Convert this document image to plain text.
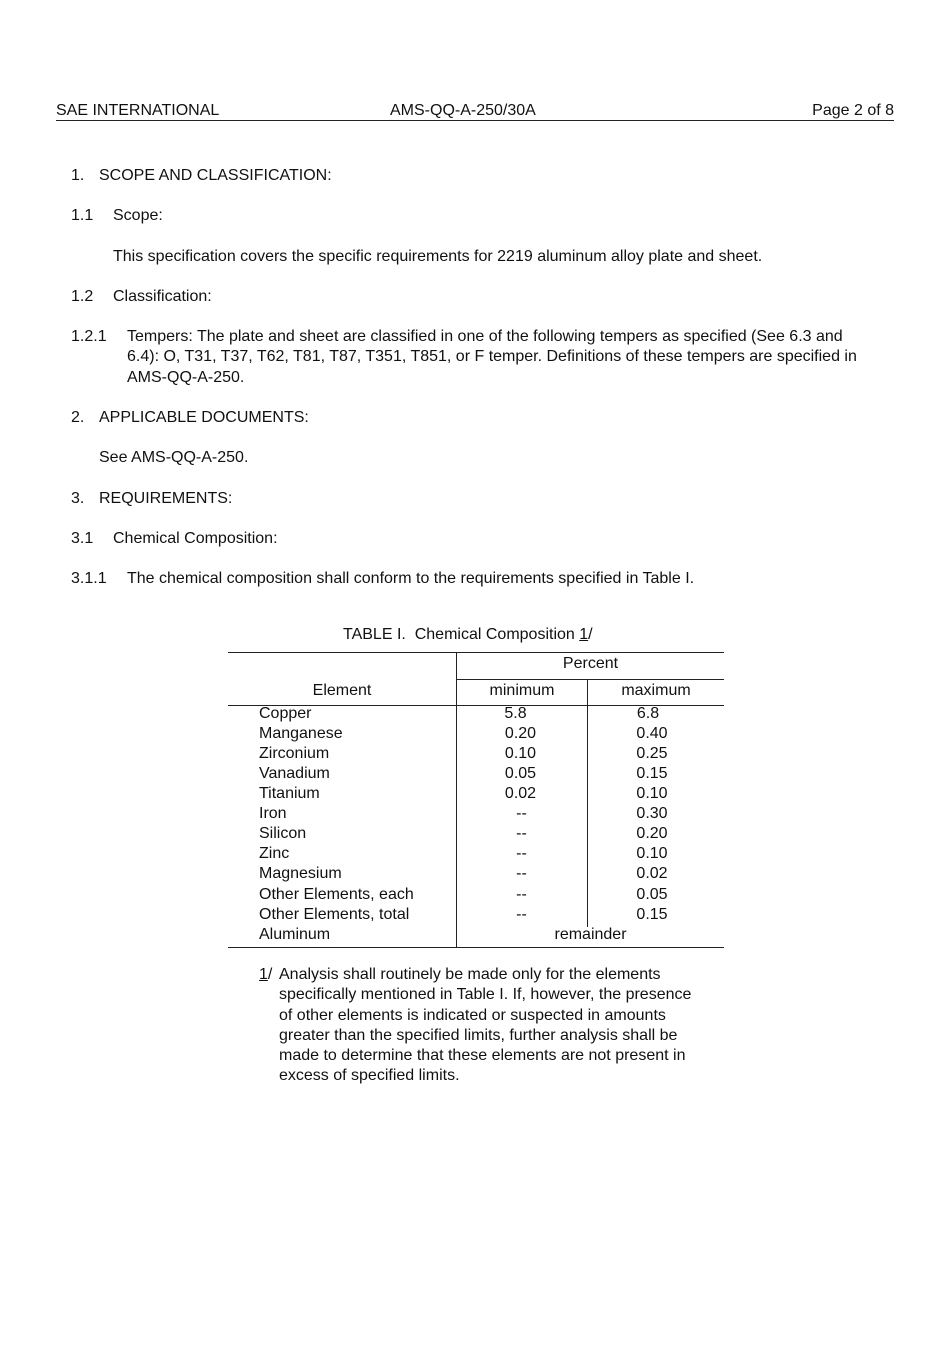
SAE INTERNATIONAL	AMS-QQ-A-250/30A	Page 2 of 8
1. SCOPE AND CLASSIFICATION:
1.1 Scope:
This specification covers the specific requirements for 2219 aluminum alloy plate and sheet.
1.2 Classification:
1.2.1 Tempers: The plate and sheet are classified in one of the following tempers as specified (See 6.3 and 6.4): O, T31, T37, T62, T81, T87, T351, T851, or F temper. Definitions of these tempers are specified in AMS-QQ-A-250.
2. APPLICABLE DOCUMENTS:
See AMS-QQ-A-250.
3. REQUIREMENTS:
3.1 Chemical Composition:
3.1.1 The chemical composition shall conform to the requirements specified in Table I.
TABLE I.  Chemical Composition 1/
Percent
Element	minimum	maximum
Copper	5.8	6.8
Manganese	0.20	0.40
Zirconium	0.10	0.25
Vanadium	0.05	0.15
Titanium	0.02	0.10
Iron	--	0.30
Silicon	--	0.20
Zinc	--	0.10
Magnesium	--	0.02
Other Elements, each	--	0.05
Other Elements, total	--	0.15
Aluminum	remainder
1/ Analysis shall routinely be made only for the elements specifically mentioned in Table I. If, however, the presence of other elements is indicated or suspected in amounts greater than the specified limits, further analysis shall be made to determine that these elements are not present in excess of specified limits.
